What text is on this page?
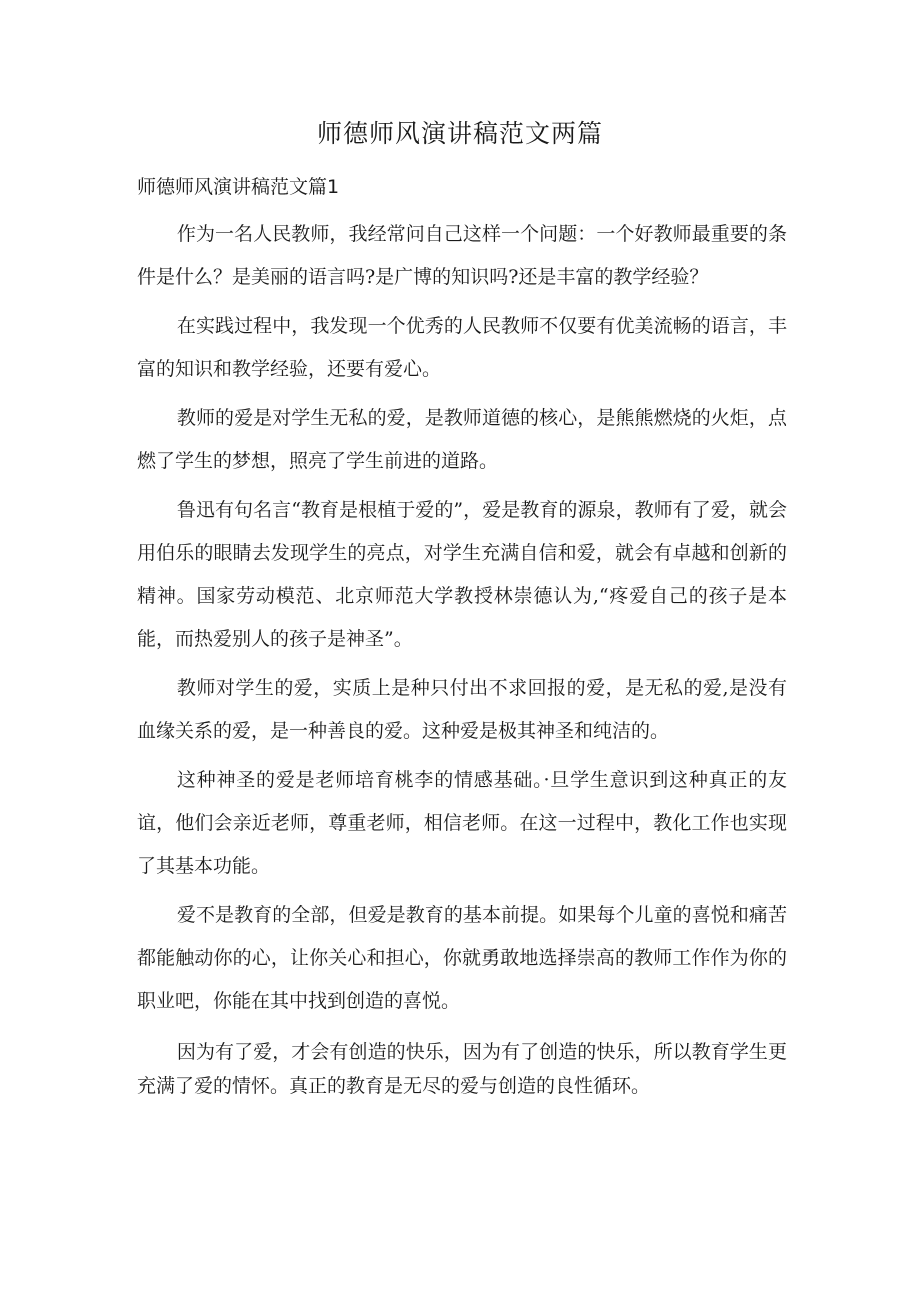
师德师风演讲稿范文两篇
师德师风演讲稿范文篇1

作为一名人民教师，我经常问自己这样一个问题：一个好教师最重要的条件是什么？是美丽的语言吗?是广博的知识吗?还是丰富的教学经验？

在实践过程中，我发现一个优秀的人民教师不仅要有优美流畅的语言，丰富的知识和教学经验，还要有爱心。

教师的爱是对学生无私的爱，是教师道德的核心，是熊熊燃烧的火炬，点燃了学生的梦想，照亮了学生前进的道路。

鲁迅有句名言“教育是根植于爱的”，爱是教育的源泉，教师有了爱，就会用伯乐的眼睛去发现学生的亮点，对学生充满自信和爱，就会有卓越和创新的精神。国家劳动模范、北京师范大学教授林崇德认为,“疼爱自己的孩子是本能，而热爱别人的孩子是神圣”。

教师对学生的爱，实质上是种只付出不求回报的爱，是无私的爱,是没有血缘关系的爱，是一种善良的爱。这种爱是极其神圣和纯洁的。

这种神圣的爱是老师培育桃李的情感基础。·旦学生意识到这种真正的友谊，他们会亲近老师，尊重老师，相信老师。在这一过程中，教化工作也实现了其基本功能。

爱不是教育的全部，但爱是教育的基本前提。如果每个儿童的喜悦和痛苦都能触动你的心，让你关心和担心，你就勇敢地选择崇高的教师工作作为你的职业吧，你能在其中找到创造的喜悦。

因为有了爱，才会有创造的快乐，因为有了创造的快乐，所以教育学生更充满了爱的情怀。真正的教育是无尽的爱与创造的良性循环。
